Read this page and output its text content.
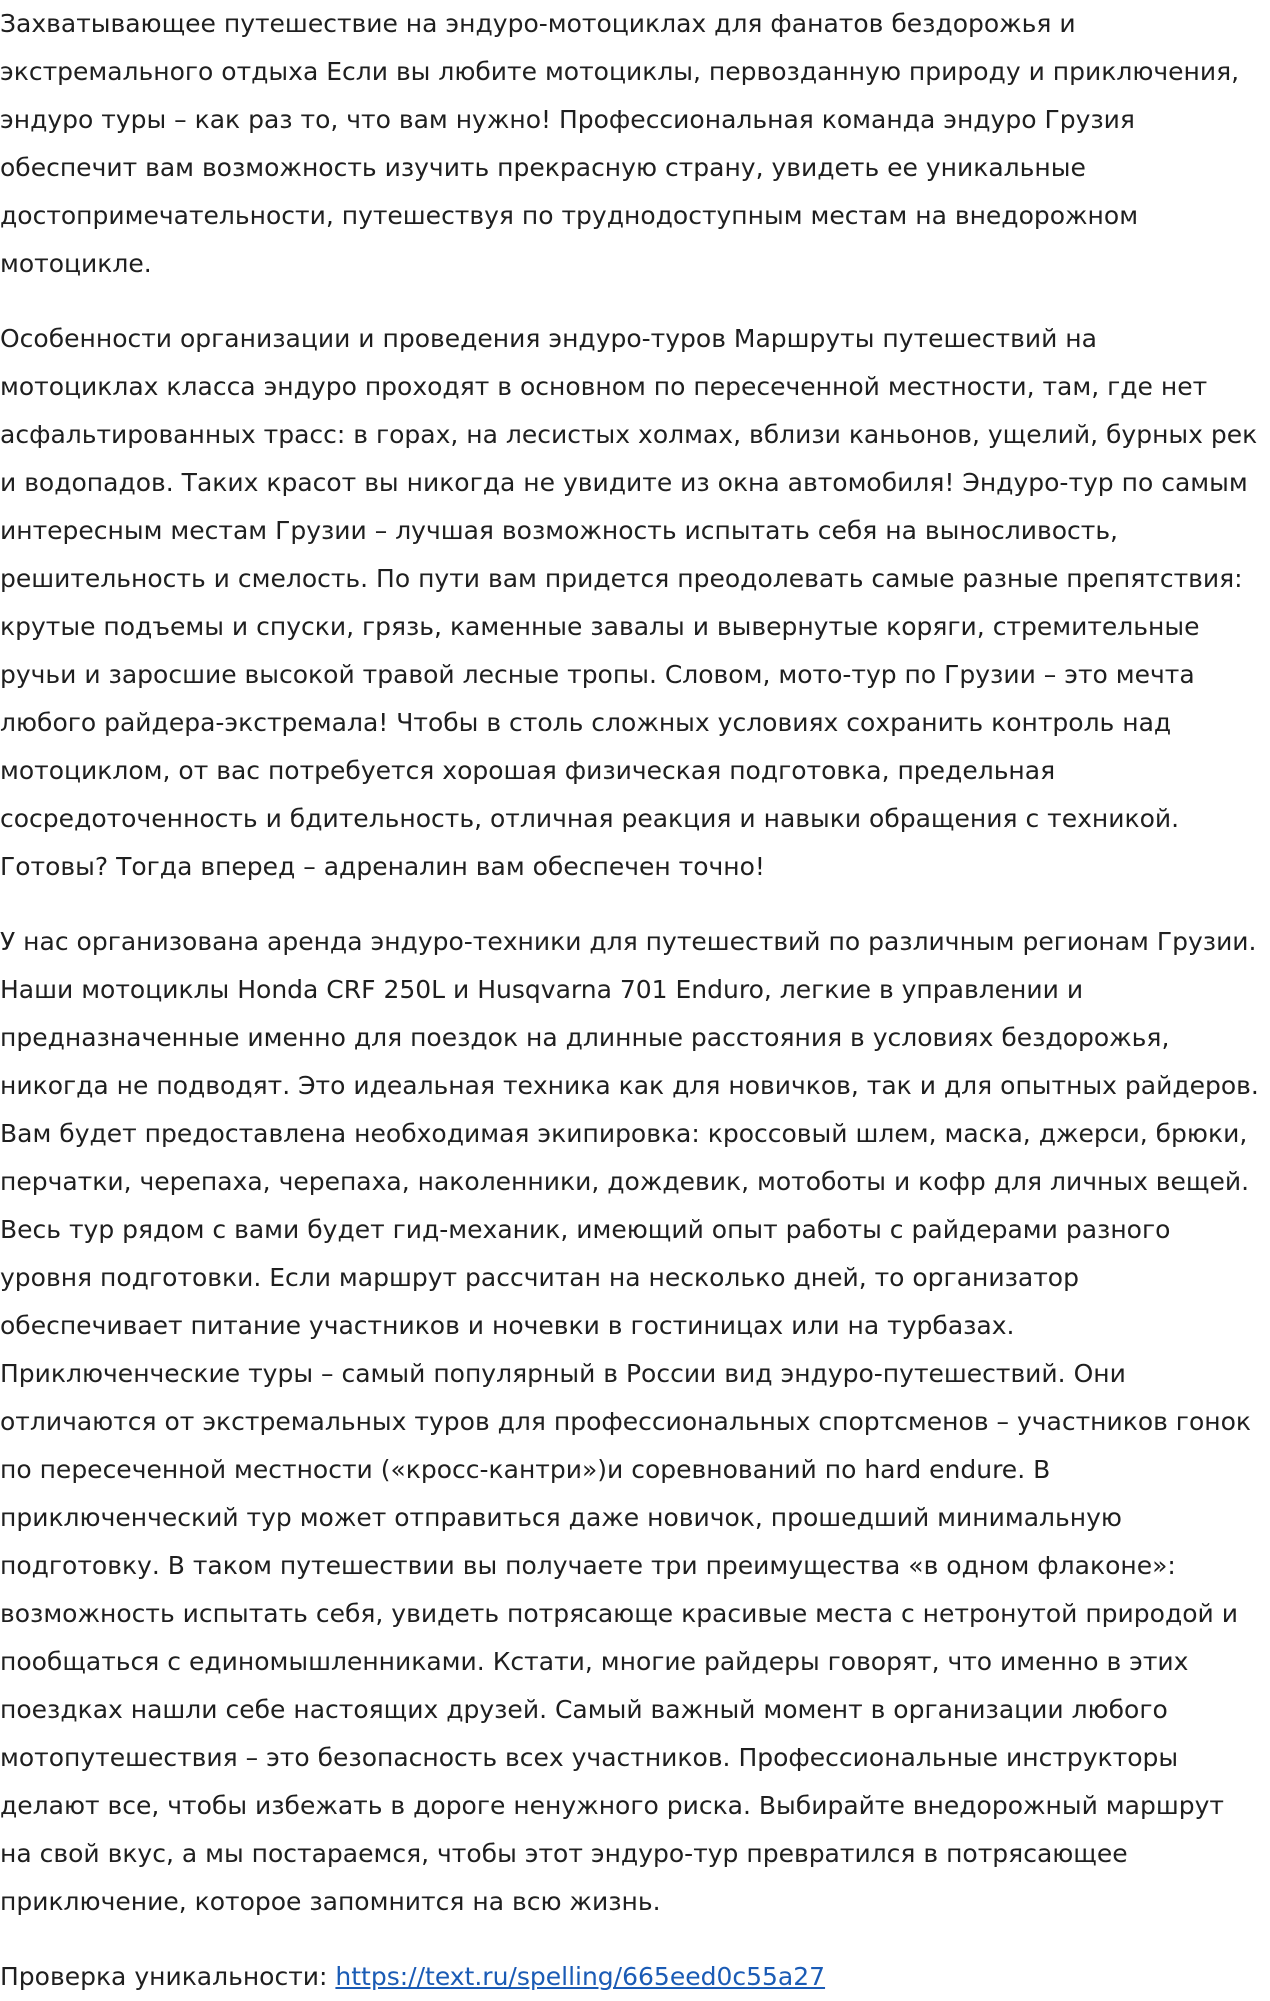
Захватывающее путешествие на эндуро-мотоциклах для фанатов бездорожья и экстремального отдыха Если вы любите мотоциклы, первозданную природу и приключения, эндуро туры – как раз то, что вам нужно! Профессиональная команда эндуро Грузия обеспечит вам возможность изучить прекрасную страну, увидеть ее уникальные достопримечательности, путешествуя по труднодоступным местам на внедорожном мотоцикле.

Особенности организации и проведения эндуро-туров Маршруты путешествий на мотоциклах класса эндуро проходят в основном по пересеченной местности, там, где нет асфальтированных трасс: в горах, на лесистых холмах, вблизи каньонов, ущелий, бурных рек и водопадов. Таких красот вы никогда не увидите из окна автомобиля! Эндуро-тур по самым интересным местам Грузии – лучшая возможность испытать себя на выносливость, решительность и смелость. По пути вам придется преодолевать самые разные препятствия: крутые подъемы и спуски, грязь, каменные завалы и вывернутые коряги, стремительные ручьи и заросшие высокой травой лесные тропы. Словом, мото-тур по Грузии – это мечта любого райдера-экстремала! Чтобы в столь сложных условиях сохранить контроль над мотоциклом, от вас потребуется хорошая физическая подготовка, предельная сосредоточенность и бдительность, отличная реакция и навыки обращения с техникой. Готовы? Тогда вперед – адреналин вам обеспечен точно!

У нас организована аренда эндуро-техники для путешествий по различным регионам Грузии. Наши мотоциклы Honda CRF 250L и Husqvarna 701 Enduro, легкие в управлении и предназначенные именно для поездок на длинные расстояния в условиях бездорожья, никогда не подводят. Это идеальная техника как для новичков, так и для опытных райдеров. Вам будет предоставлена необходимая экипировка: кроссовый шлем, маска, джерси, брюки, перчатки, черепаха, черепаха, наколенники, дождевик, мотоботы и кофр для личных вещей. Весь тур рядом с вами будет гид-механик, имеющий опыт работы с райдерами разного уровня подготовки. Если маршрут рассчитан на несколько дней, то организатор обеспечивает питание участников и ночевки в гостиницах или на турбазах. Приключенческие туры – самый популярный в России вид эндуро-путешествий. Они отличаются от экстремальных туров для профессиональных спортсменов – участников гонок по пересеченной местности («кросс-кантри»)и соревнований по hard endure. В приключенческий тур может отправиться даже новичок, прошедший минимальную подготовку. В таком путешествии вы получаете три преимущества «в одном флаконе»: возможность испытать себя, увидеть потрясающе красивые места с нетронутой природой и пообщаться с единомышленниками. Кстати, многие райдеры говорят, что именно в этих поездках нашли себе настоящих друзей. Самый важный момент в организации любого мотопутешествия – это безопасность всех участников. Профессиональные инструкторы делают все, чтобы избежать в дороге ненужного риска. Выбирайте внедорожный маршрут на свой вкус, а мы постараемся, чтобы этот эндуро-тур превратился в потрясающее приключение, которое запомнится на всю жизнь.

Проверка уникальности: https://text.ru/spelling/665eed0c55a27
